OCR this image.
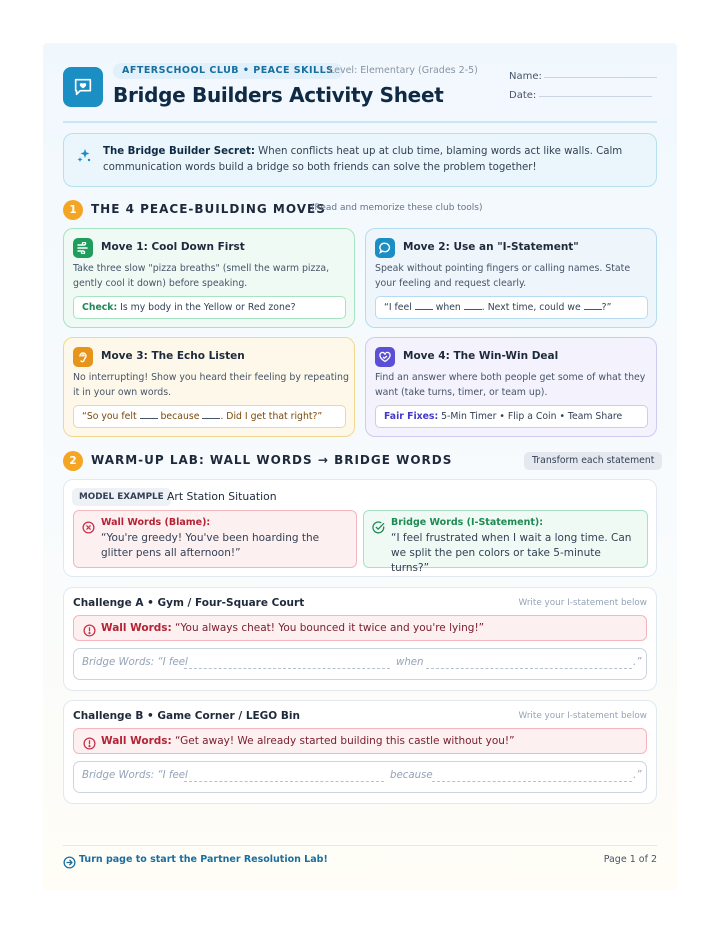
AFTERSCHOOL CLUB • PEACE SKILLS
Level: Elementary (Grades 2-5)
Bridge Builders Activity Sheet
Name:
Date:
The Bridge Builder Secret: When conflicts heat up at club time, blaming words act like walls. Calm communication words build a bridge so both friends can solve the problem together!
1	THE 4 PEACE-BUILDING MOVES
(Read and memorize these club tools)
Move 1: Cool Down First
Take three slow "pizza breaths" (smell the warm pizza, gently cool it down) before speaking.
Check: Is my body in the Yellow or Red zone?
Move 2: Use an "I-Statement"
Speak without pointing fingers or calling names. State your feeling and request clearly.
“I feel  when . Next time, could we ?”
Move 3: The Echo Listen
No interrupting! Show you heard their feeling by repeating it in your own words.
“So you felt  because . Did I get that right?”
Move 4: The Win-Win Deal
Find an answer where both people get some of what they want (take turns, timer, or team up).
Fair Fixes: 5-Min Timer • Flip a Coin • Team Share
2	WARM-UP LAB: WALL WORDS → BRIDGE WORDS	Transform each statement
MODEL EXAMPLE Art Station Situation
Wall Words (Blame):
“You're greedy! You've been hoarding the glitter pens all afternoon!”
Bridge Words (I-Statement):
“I feel frustrated when I wait a long time. Can we split the pen colors or take 5-minute turns?”
Challenge A • Gym / Four-Square Court	Write your I-statement below
Wall Words: “You always cheat! You bounced it twice and you're lying!”
Bridge Words: “I feel	when	.”
Challenge B • Game Corner / LEGO Bin	Write your I-statement below
Wall Words: “Get away! We already started building this castle without you!”
Bridge Words: “I feel	because	.”
Turn page to start the Partner Resolution Lab!	Page 1 of 2
